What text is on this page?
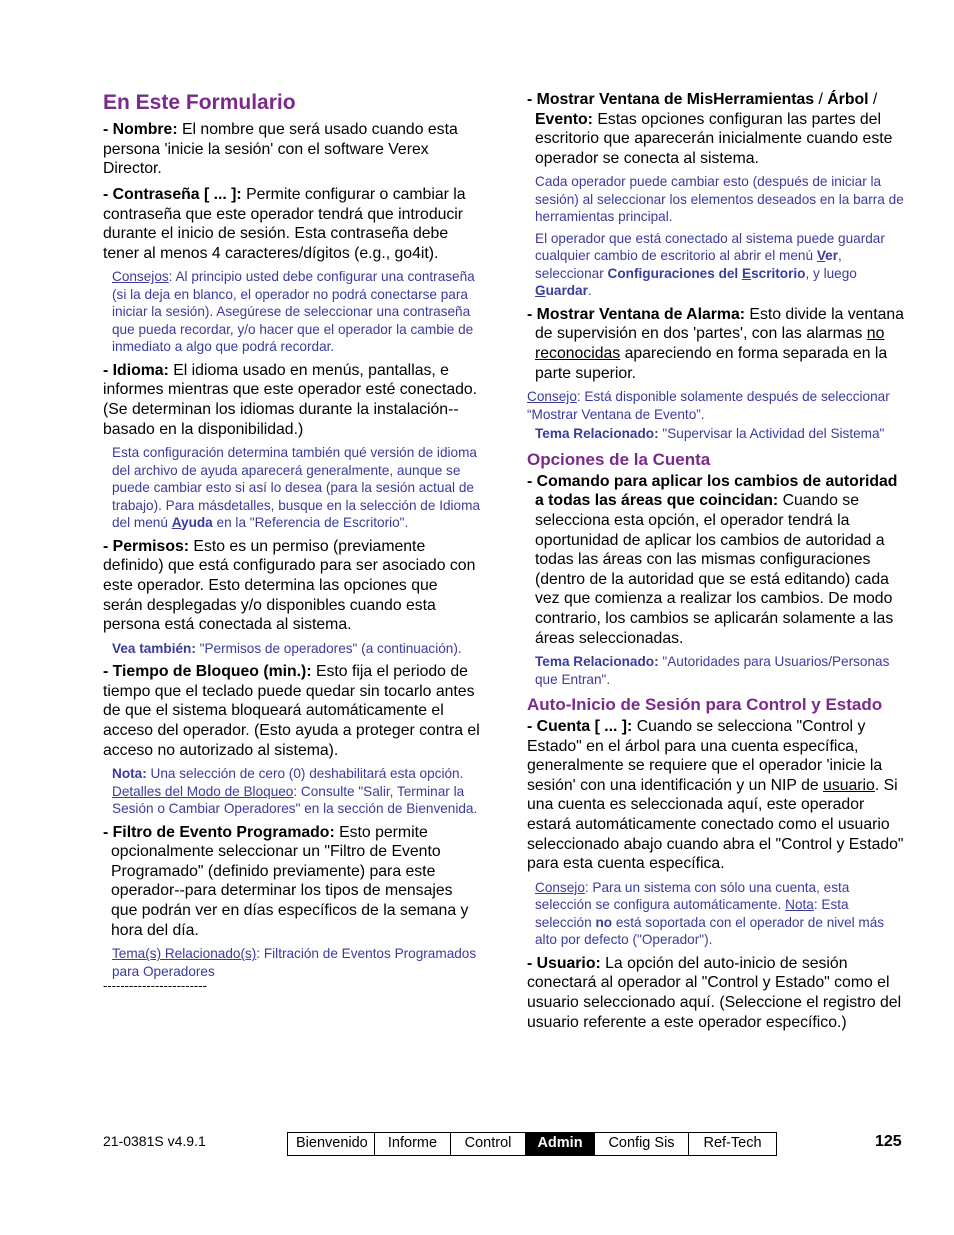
En Este Formulario

- Nombre: El nombre que será usado cuando esta persona 'inicie la sesión' con el software Verex Director.

- Contraseña [ ... ]: Permite configurar o cambiar la contraseña que este operador tendrá que introducir durante el inicio de sesión. Esta contraseña debe tener al menos 4 caracteres/dígitos (e.g., go4it).

Consejos: Al principio usted debe configurar una contraseña (si la deja en blanco, el operador no podrá conectarse para iniciar la sesión). Asegúrese de seleccionar una contraseña que pueda recordar, y/o hacer que el operador la cambie de inmediato a algo que podrá recordar.

- Idioma: El idioma usado en menús, pantallas, e informes mientras que este operador esté conectado. (Se determinan los idiomas durante la instalación--basado en la disponibilidad.)

Esta configuración determina también qué versión de idioma del archivo de ayuda aparecerá generalmente, aunque se puede cambiar esto si así lo desea (para la sesión actual de trabajo). Para másdetalles, busque en la selección de Idioma del menú Ayuda en la "Referencia de Escritorio".

- Permisos: Esto es un permiso (previamente definido) que está configurado para ser asociado con este operador. Esto determina las opciones que serán desplegadas y/o disponibles cuando esta persona está conectada al sistema.

Vea también: "Permisos de operadores" (a continuación).

- Tiempo de Bloqueo (min.): Esto fija el periodo de tiempo que el teclado puede quedar sin tocarlo antes de que el sistema bloqueará automáticamente el acceso del operador. (Esto ayuda a proteger contra el acceso no autorizado al sistema).

Nota: Una selección de cero (0) deshabilitará esta opción.

Detalles del Modo de Bloqueo: Consulte "Salir, Terminar la Sesión o Cambiar Operadores" en la sección de Bienvenida.

- Filtro de Evento Programado: Esto permite opcionalmente seleccionar un "Filtro de Evento Programado" (definido previamente) para este operador--para determinar los tipos de mensajes que podrán ver en días específicos de la semana y hora del día.

Tema(s) Relacionado(s): Filtración de Eventos Programados para Operadores

------------------------

- Mostrar Ventana de MisHerramientas / Árbol / Evento: Estas opciones configuran las partes del escritorio que aparecerán inicialmente cuando este operador se conecta al sistema.

Cada operador puede cambiar esto (después de iniciar la sesión) al seleccionar los elementos deseados en la barra de herramientas principal.

El operador que está conectado al sistema puede guardar cualquier cambio de escritorio al abrir el menú Ver, seleccionar Configuraciones del Escritorio, y luego Guardar.

- Mostrar Ventana de Alarma: Esto divide la ventana de supervisión en dos 'partes', con las alarmas no reconocidas apareciendo en forma separada en la parte superior.

Consejo: Está disponible solamente después de seleccionar “Mostrar Ventana de Evento”.

Tema Relacionado: "Supervisar la Actividad del Sistema"

Opciones de la Cuenta

- Comando para aplicar los cambios de autoridad a todas las áreas que coincidan: Cuando se selecciona esta opción, el operador tendrá la oportunidad de aplicar los cambios de autoridad a todas las áreas con las mismas configuraciones (dentro de la autoridad que se está editando) cada vez que comienza a realizar los cambios. De modo contrario, los cambios se aplicarán solamente a las áreas seleccionadas.

Tema Relacionado: "Autoridades para Usuarios/Personas que Entran".

Auto-Inicio de Sesión para Control y Estado

- Cuenta [ ... ]: Cuando se selecciona "Control y Estado" en el árbol para una cuenta específica, generalmente se requiere que el operador 'inicie la sesión' con una identificación y un NIP de usuario. Si una cuenta es seleccionada aquí, este operador estará automáticamente conectado como el usuario seleccionado abajo cuando abra el "Control y Estado" para esta cuenta específica.

Consejo: Para un sistema con sólo una cuenta, esta selección se configura automáticamente. Nota: Esta selección no está soportada con el operador de nivel más alto por defecto ("Operador").

- Usuario: La opción del auto-inicio de sesión conectará al operador al "Control y Estado" como el usuario seleccionado aquí. (Seleccione el registro del usuario referente a este operador específico.)

21-0381S v4.9.1	Bienvenido	Informe	Control	Admin	Config Sis	Ref-Tech	125
